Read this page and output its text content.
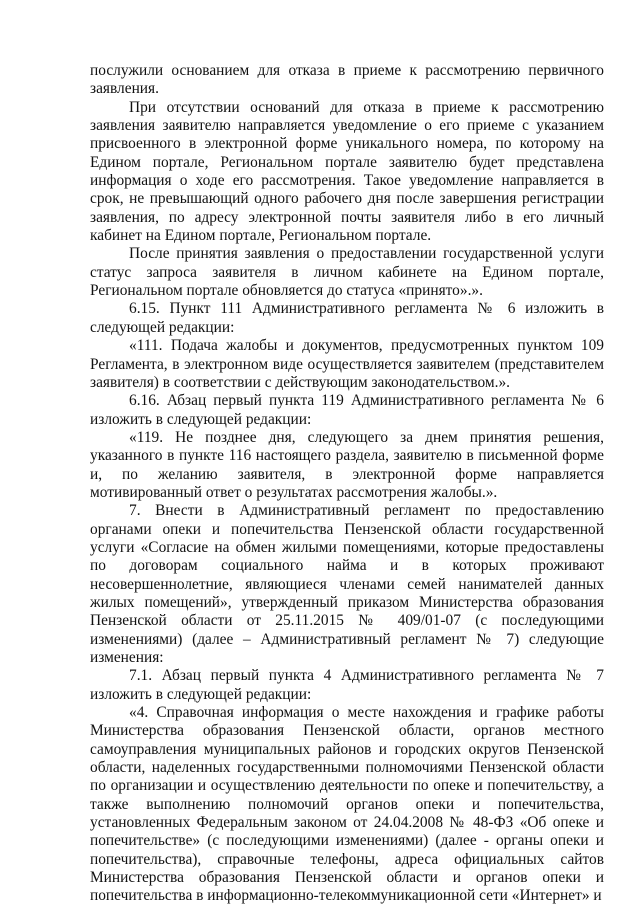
послужили основанием для отказа в приеме к рассмотрению первичного заявления.

При отсутствии оснований для отказа в приеме к рассмотрению заявления заявителю направляется уведомление о его приеме с указанием присвоенного в электронной форме уникального номера, по которому на Едином портале, Региональном портале заявителю будет представлена информация о ходе его рассмотрения. Такое уведомление направляется в срок, не превышающий одного рабочего дня после завершения регистрации заявления, по адресу электронной почты заявителя либо в его личный кабинет на Едином портале, Региональном портале.

После принятия заявления о предоставлении государственной услуги статус запроса заявителя в личном кабинете на Едином портале, Региональном портале обновляется до статуса «принято».».

6.15. Пункт 111 Административного регламента № 6 изложить в следующей редакции:

«111. Подача жалобы и документов, предусмотренных пунктом 109 Регламента, в электронном виде осуществляется заявителем (представителем заявителя) в соответствии с действующим законодательством.».

6.16. Абзац первый пункта 119 Административного регламента № 6 изложить в следующей редакции:

«119. Не позднее дня, следующего за днем принятия решения, указанного в пункте 116 настоящего раздела, заявителю в письменной форме и, по желанию заявителя, в электронной форме направляется мотивированный ответ о результатах рассмотрения жалобы.».

7. Внести в Административный регламент по предоставлению органами опеки и попечительства Пензенской области государственной услуги «Согласие на обмен жилыми помещениями, которые предоставлены по договорам социального найма и в которых проживают несовершеннолетние, являющиеся членами семей нанимателей данных жилых помещений», утвержденный приказом Министерства образования Пензенской области от 25.11.2015 № 409/01-07 (с последующими изменениями) (далее – Административный регламент № 7) следующие изменения:

7.1. Абзац первый пункта 4 Административного регламента № 7 изложить в следующей редакции:

«4. Справочная информация о месте нахождения и графике работы Министерства образования Пензенской области, органов местного самоуправления муниципальных районов и городских округов Пензенской области, наделенных государственными полномочиями Пензенской области по организации и осуществлению деятельности по опеке и попечительству, а также выполнению полномочий органов опеки и попечительства, установленных Федеральным законом от 24.04.2008 № 48-ФЗ «Об опеке и попечительстве» (с последующими изменениями) (далее - органы опеки и попечительства), справочные телефоны, адреса официальных сайтов Министерства образования Пензенской области и органов опеки и попечительства в информационно-телекоммуникационной сети «Интернет» и
